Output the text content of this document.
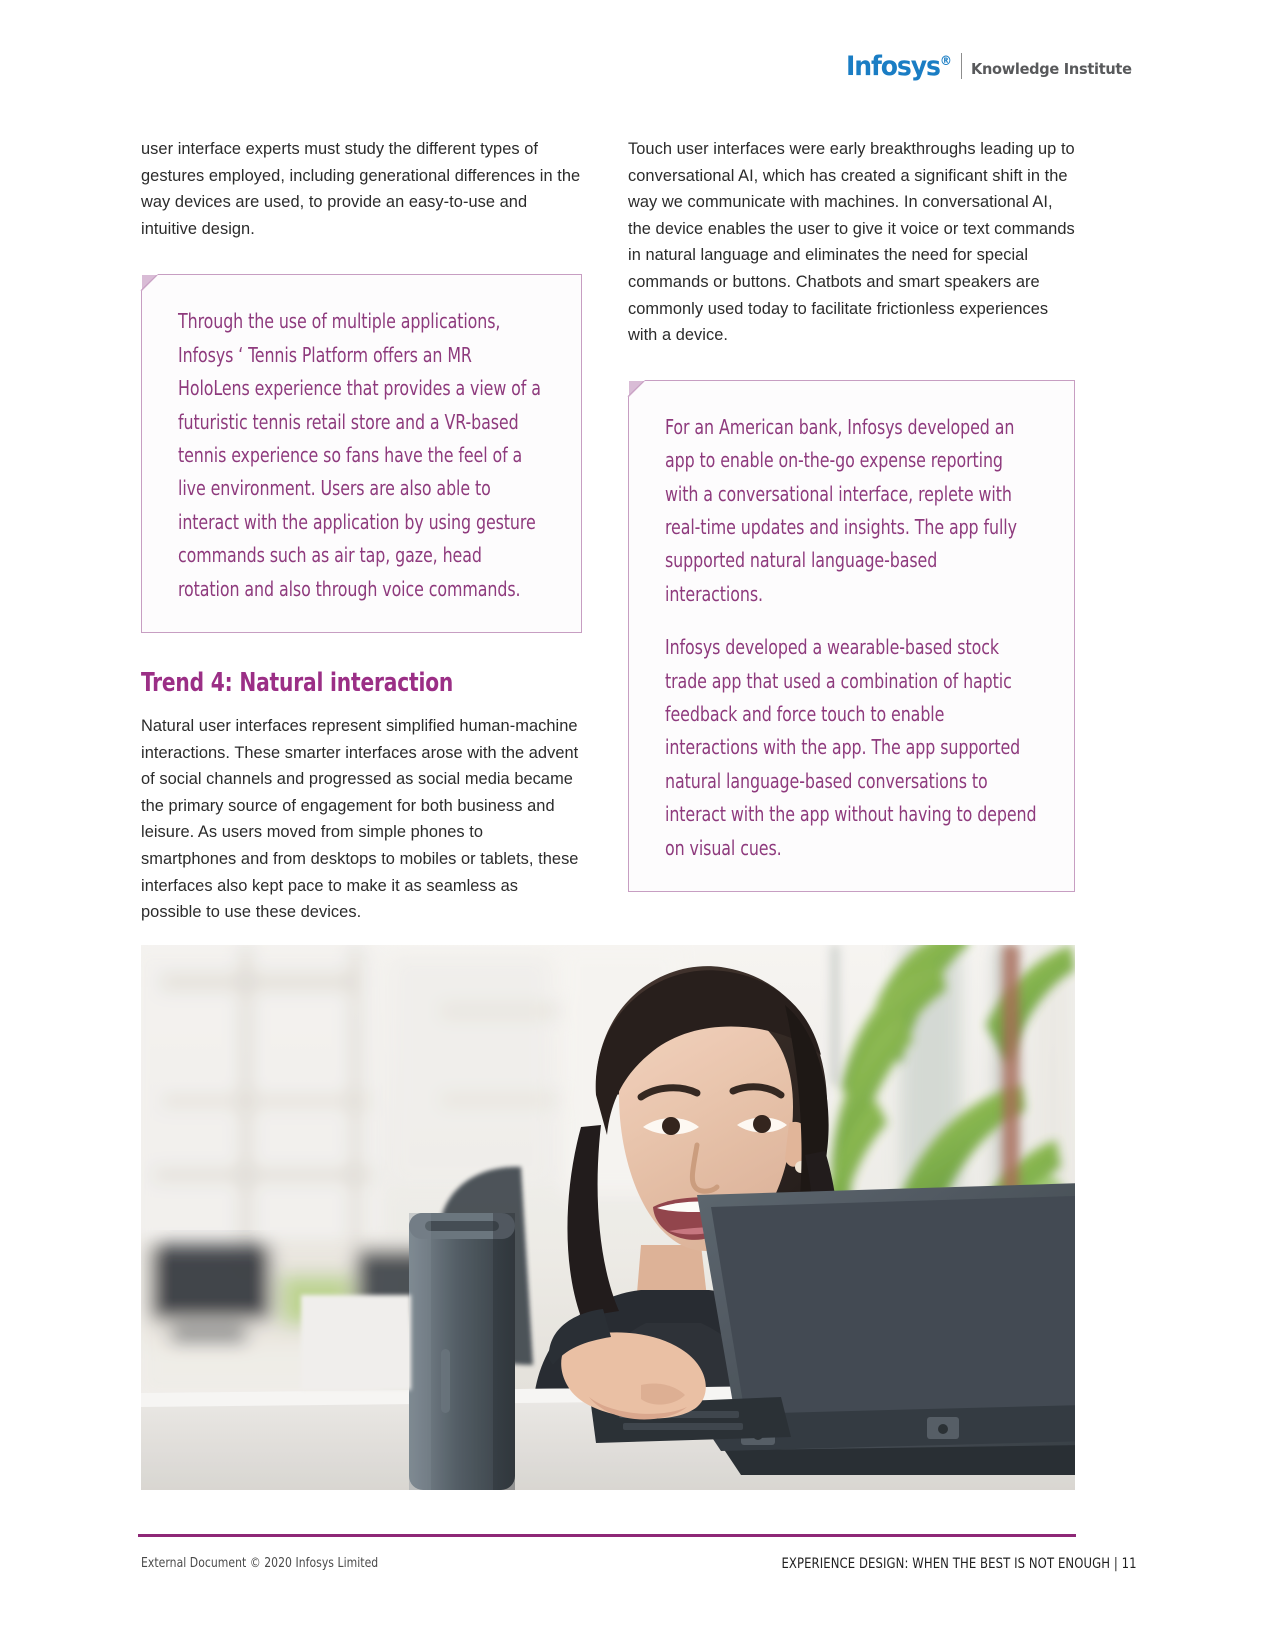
Infosys® Knowledge Institute

user interface experts must study the different types of gestures employed, including generational differences in the way devices are used, to provide an easy-to-use and intuitive design.

Through the use of multiple applications, Infosys ‘ Tennis Platform offers an MR HoloLens experience that provides a view of a futuristic tennis retail store and a VR-based tennis experience so fans have the feel of a live environment. Users are also able to interact with the application by using gesture commands such as air tap, gaze, head rotation and also through voice commands.

Trend 4: Natural interaction

Natural user interfaces represent simplified human-machine interactions. These smarter interfaces arose with the advent of social channels and progressed as social media became the primary source of engagement for both business and leisure. As users moved from simple phones to smartphones and from desktops to mobiles or tablets, these interfaces also kept pace to make it as seamless as possible to use these devices.

Touch user interfaces were early breakthroughs leading up to conversational AI, which has created a significant shift in the way we communicate with machines. In conversational AI, the device enables the user to give it voice or text commands in natural language and eliminates the need for special commands or buttons. Chatbots and smart speakers are commonly used today to facilitate frictionless experiences with a device.

For an American bank, Infosys developed an app to enable on-the-go expense reporting with a conversational interface, replete with real-time updates and insights. The app fully supported natural language-based interactions.

Infosys developed a wearable-based stock trade app that used a combination of haptic feedback and force touch to enable interactions with the app. The app supported natural language-based conversations to interact with the app without having to depend on visual cues.

External Document © 2020 Infosys Limited	EXPERIENCE DESIGN: WHEN THE BEST IS NOT ENOUGH | 11
